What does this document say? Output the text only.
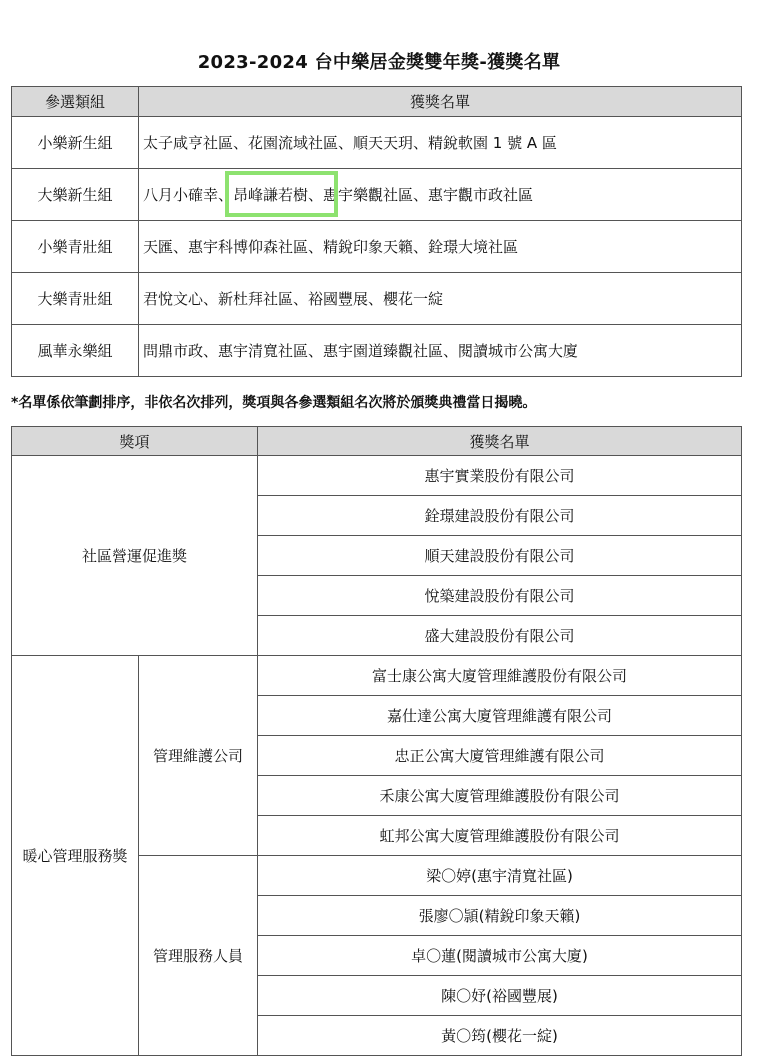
2023-2024 台中樂居金獎雙年獎-獲獎名單
參選類組	獲獎名單
小樂新生組	太子咸亨社區、花園流域社區、順天天玥、精銳軟園 1 號 A 區
大樂新生組	八月小確幸、昂峰謙若樹、惠宇樂觀社區、惠宇觀市政社區
小樂青壯組	天匯、惠宇科博仰森社區、精銳印象天籟、銓璟大境社區
大樂青壯組	君悅文心、新杜拜社區、裕國豐展、櫻花一綻
風華永樂組	問鼎市政、惠宇清寬社區、惠宇園道臻觀社區、閱讀城市公寓大廈
*名單係依筆劃排序，非依名次排列，獎項與各參選類組名次將於頒獎典禮當日揭曉。
獎項		獲獎名單
社區營運促進獎		惠宇實業股份有限公司
		銓璟建設股份有限公司
		順天建設股份有限公司
		悅築建設股份有限公司
		盛大建設股份有限公司
暖心管理服務獎	管理維護公司	富士康公寓大廈管理維護股份有限公司
		嘉仕達公寓大廈管理維護有限公司
		忠正公寓大廈管理維護有限公司
		禾康公寓大廈管理維護股份有限公司
		虹邦公寓大廈管理維護股份有限公司
	管理服務人員	梁〇婷(惠宇清寬社區)
		張廖〇頴(精銳印象天籟)
		卓〇蓮(閱讀城市公寓大廈)
		陳〇妤(裕國豐展)
		黃〇筠(櫻花一綻)
